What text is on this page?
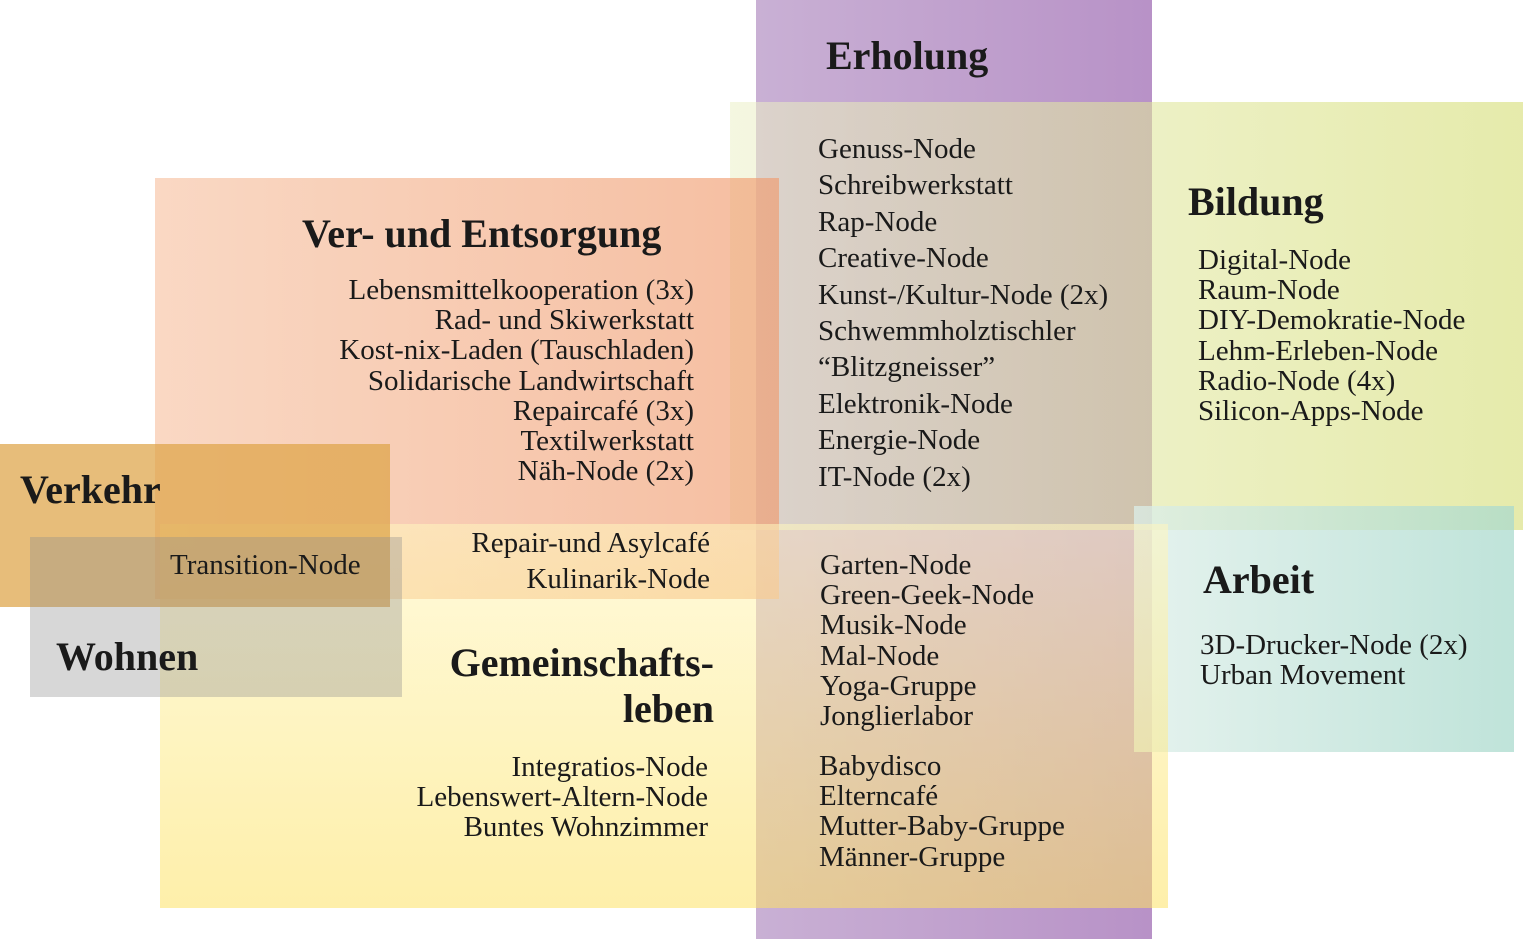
Erholung
Bildung
Arbeit
Ver- und Entsorgung
Verkehr
Wohnen	Gemeinschafts-
leben
Genuss-Node
Schreibwerkstatt
Rap-Node
Creative-Node
Kunst-/Kultur-Node (2x)
Schwemmholztischler
“Blitzgneisser”
Elektronik-Node
Energie-Node
IT-Node (2x)
Digital-Node
Raum-Node
DIY-Demokratie-Node
Lehm-Erleben-Node
Radio-Node (4x)
Silicon-Apps-Node
3D-Drucker-Node (2x)
Urban Movement
Lebensmittelkooperation (3x)
Rad- und Skiwerkstatt
Kost-nix-Laden (Tauschladen)
Solidarische Landwirtschaft
Repaircafé (3x)
Textilwerkstatt
Näh-Node (2x)
Transition-Node
Repair-und Asylcafé
Kulinarik-Node	Garten-Node
Green-Geek-Node
Musik-Node
Mal-Node
Yoga-Gruppe
Jonglierlabor
Babydisco
Elterncafé
Mutter-Baby-Gruppe
Männer-Gruppe
Integratios-Node
Lebenswert-Altern-Node
Buntes Wohnzimmer
